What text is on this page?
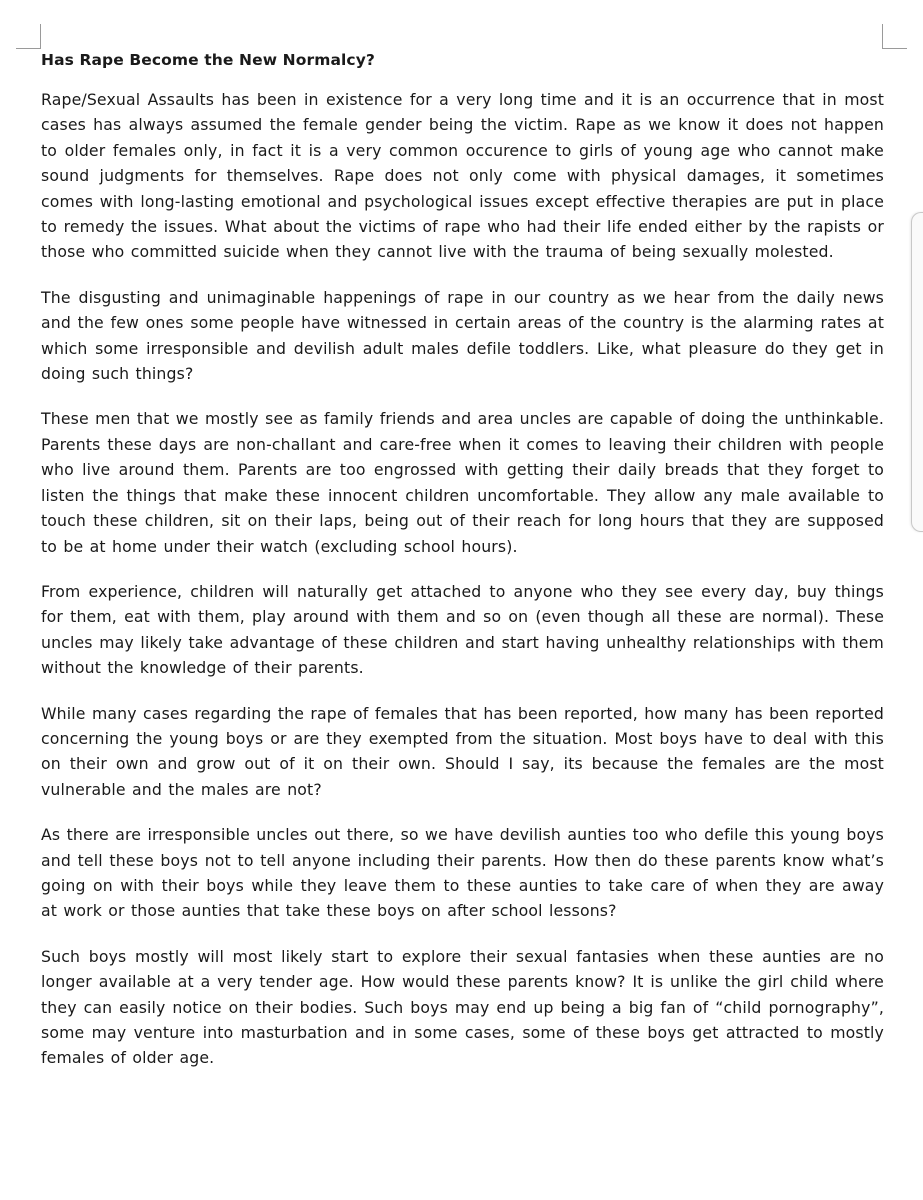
Has Rape Become the New Normalcy?

Rape/Sexual Assaults has been in existence for a very long time and it is an occurrence that in most cases has always assumed the female gender being the victim. Rape as we know it does not happen to older females only, in fact it is a very common occurence to girls of young age who cannot make sound judgments for themselves. Rape does not only come with physical damages, it sometimes comes with long-lasting emotional and psychological issues except effective therapies are put in place to remedy the issues. What about the victims of rape who had their life ended either by the rapists or those who committed suicide when they cannot live with the trauma of being sexually molested.

The disgusting and unimaginable happenings of rape in our country as we hear from the daily news and the few ones some people have witnessed in certain areas of the country is the alarming rates at which some irresponsible and devilish adult males defile toddlers. Like, what pleasure do they get in doing such things?

These men that we mostly see as family friends and area uncles are capable of doing the unthinkable. Parents these days are non-challant and care-free when it comes to leaving their children with people who live around them. Parents are too engrossed with getting their daily breads that they forget to listen the things that make these innocent children uncomfortable. They allow any male available to touch these children, sit on their laps, being out of their reach for long hours that they are supposed to be at home under their watch (excluding school hours).

From experience, children will naturally get attached to anyone who they see every day, buy things for them, eat with them, play around with them and so on (even though all these are normal). These uncles may likely take advantage of these children and start having unhealthy relationships with them without the knowledge of their parents.

While many cases regarding the rape of females that has been reported, how many has been reported concerning the young boys or are they exempted from the situation. Most boys have to deal with this on their own and grow out of it on their own. Should I say, its because the females are the most vulnerable and the males are not?

As there are irresponsible uncles out there, so we have devilish aunties too who defile this young boys and tell these boys not to tell anyone including their parents. How then do these parents know what’s going on with their boys while they leave them to these aunties to take care of when they are away at work or those aunties that take these boys on after school lessons?

Such boys mostly will most likely start to explore their sexual fantasies when these aunties are no longer available at a very tender age. How would these parents know? It is unlike the girl child where they can easily notice on their bodies. Such boys may end up being a big fan of “child pornography”, some may venture into masturbation and in some cases, some of these boys get attracted to mostly females of older age.
